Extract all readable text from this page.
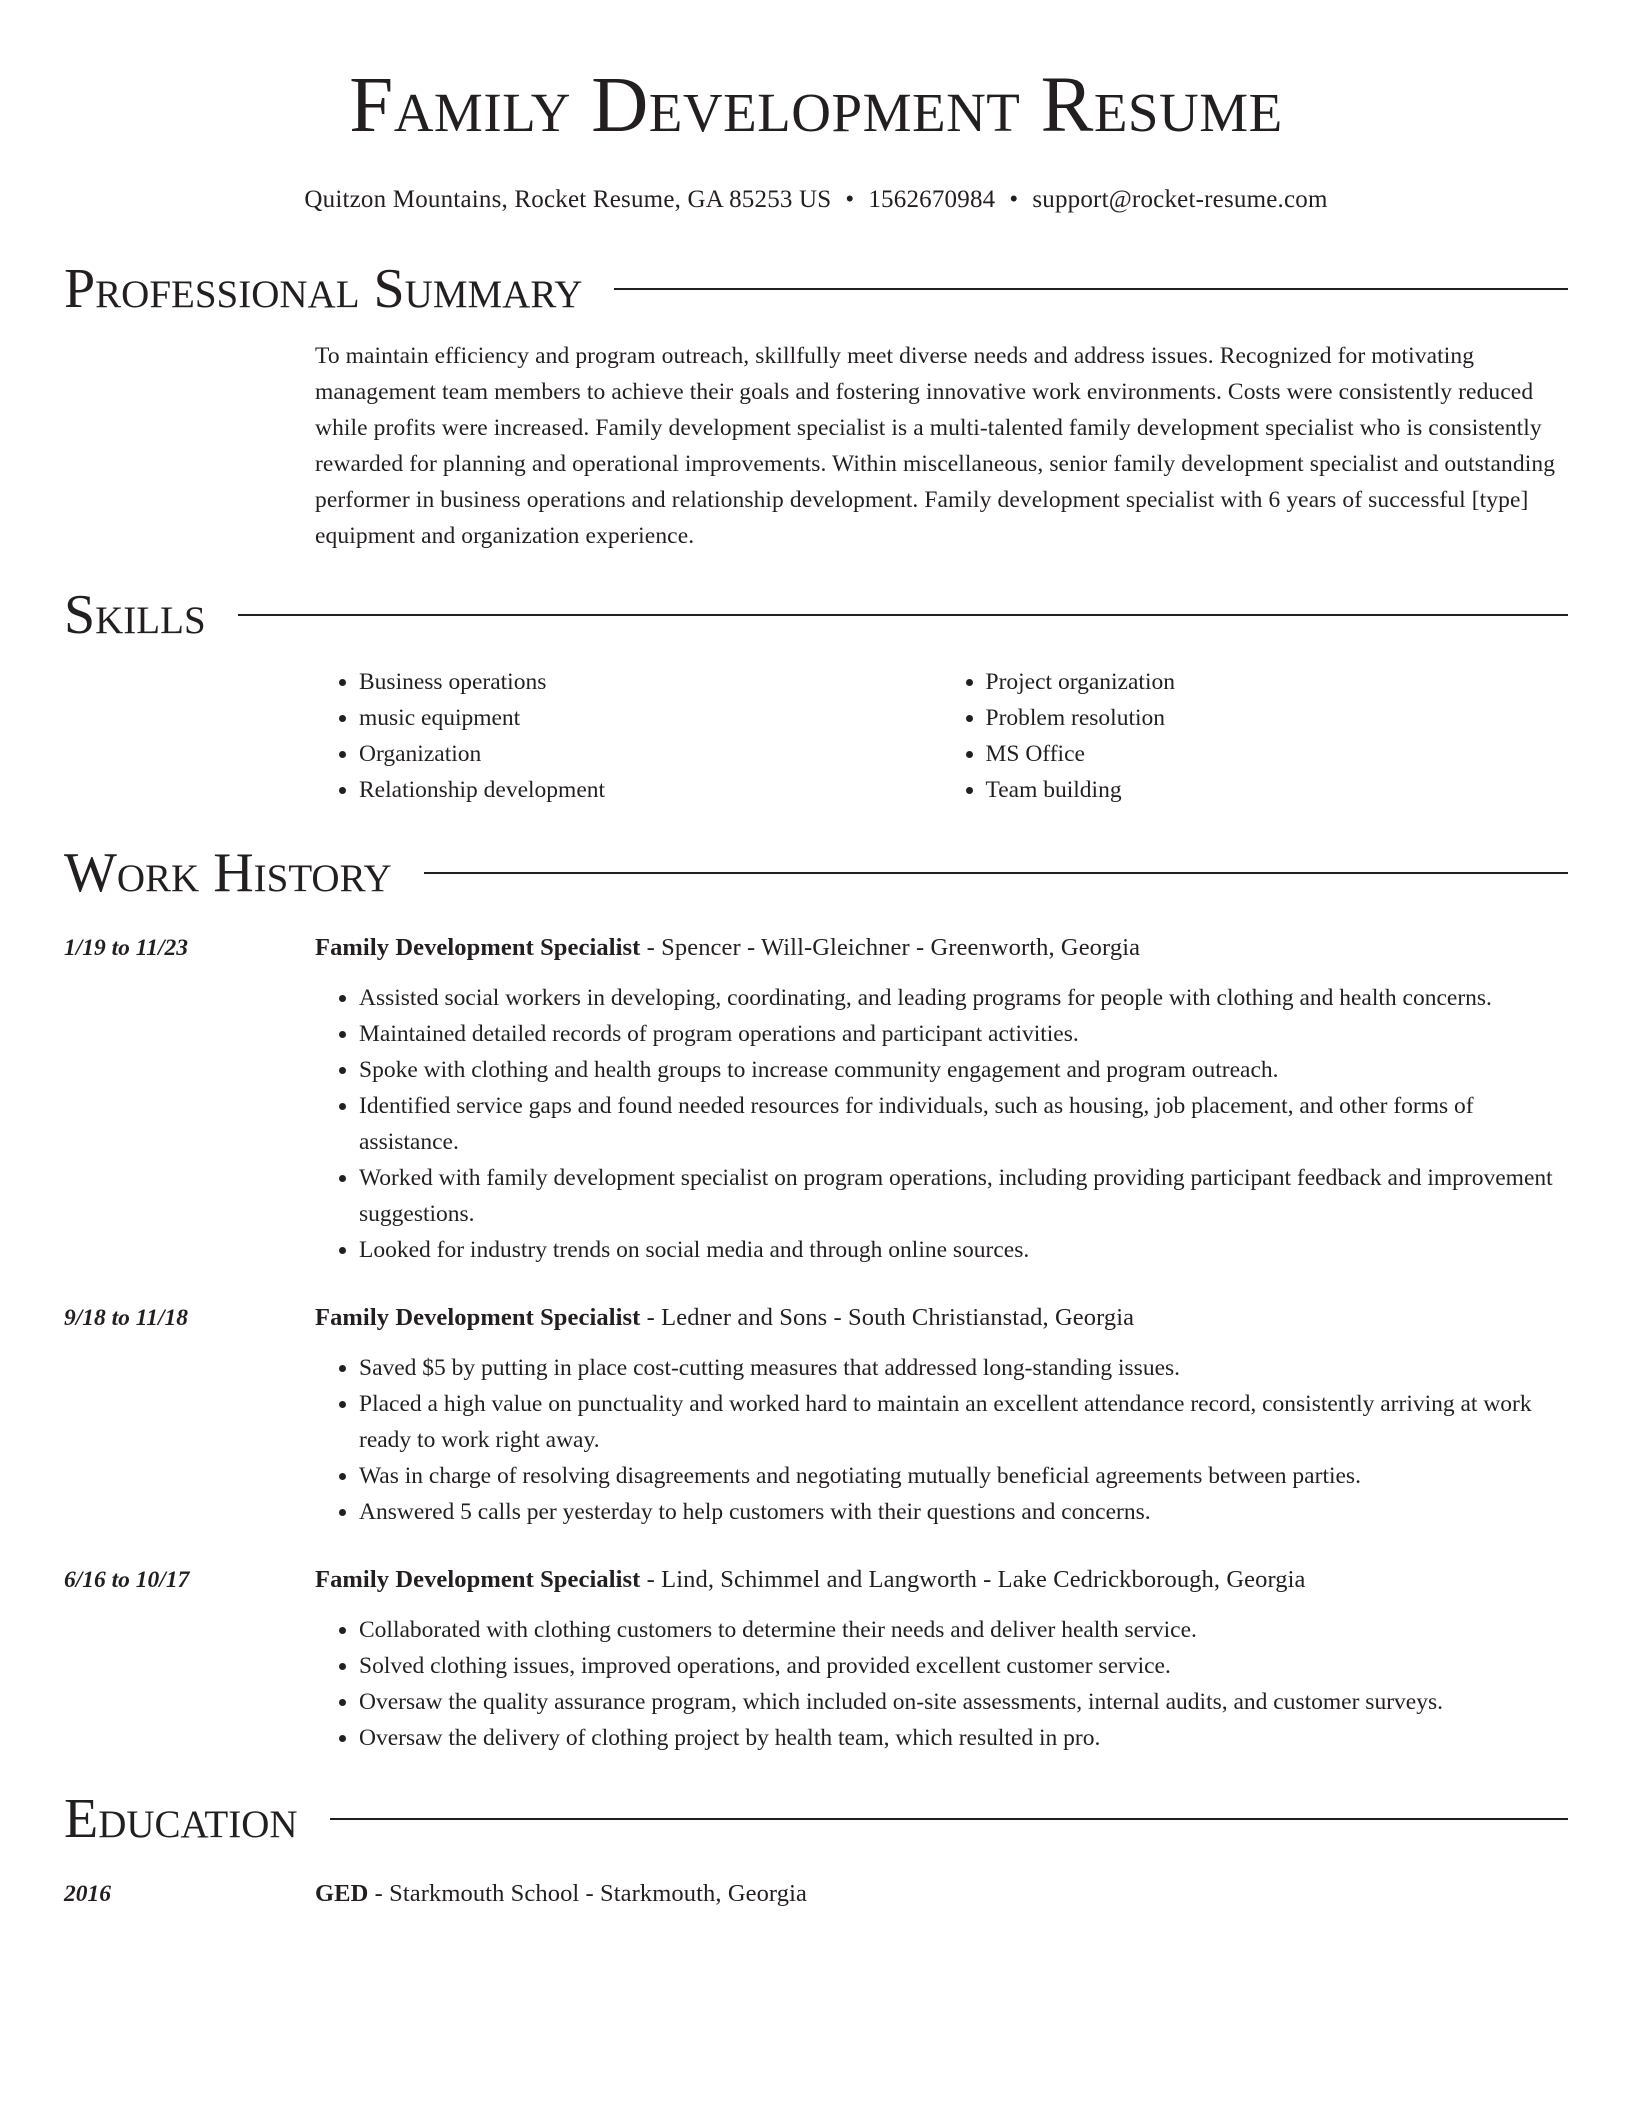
Family Development Resume
Quitzon Mountains, Rocket Resume, GA 85253 US • 1562670984 • support@rocket-resume.com
Professional Summary
To maintain efficiency and program outreach, skillfully meet diverse needs and address issues. Recognized for motivating management team members to achieve their goals and fostering innovative work environments. Costs were consistently reduced while profits were increased. Family development specialist is a multi-talented family development specialist who is consistently rewarded for planning and operational improvements. Within miscellaneous, senior family development specialist and outstanding performer in business operations and relationship development. Family development specialist with 6 years of successful [type] equipment and organization experience.
Skills
• Business operations
• music equipment
• Organization
• Relationship development
• Project organization
• Problem resolution
• MS Office
• Team building
Work History
1/19 to 11/23	Family Development Specialist - Spencer - Will-Gleichner - Greenworth, Georgia
• Assisted social workers in developing, coordinating, and leading programs for people with clothing and health concerns.
• Maintained detailed records of program operations and participant activities.
• Spoke with clothing and health groups to increase community engagement and program outreach.
• Identified service gaps and found needed resources for individuals, such as housing, job placement, and other forms of assistance.
• Worked with family development specialist on program operations, including providing participant feedback and improvement suggestions.
• Looked for industry trends on social media and through online sources.
9/18 to 11/18	Family Development Specialist - Ledner and Sons - South Christianstad, Georgia
• Saved $5 by putting in place cost-cutting measures that addressed long-standing issues.
• Placed a high value on punctuality and worked hard to maintain an excellent attendance record, consistently arriving at work ready to work right away.
• Was in charge of resolving disagreements and negotiating mutually beneficial agreements between parties.
• Answered 5 calls per yesterday to help customers with their questions and concerns.
6/16 to 10/17	Family Development Specialist - Lind, Schimmel and Langworth - Lake Cedrickborough, Georgia
• Collaborated with clothing customers to determine their needs and deliver health service.
• Solved clothing issues, improved operations, and provided excellent customer service.
• Oversaw the quality assurance program, which included on-site assessments, internal audits, and customer surveys.
• Oversaw the delivery of clothing project by health team, which resulted in pro.
Education
2016	GED - Starkmouth School - Starkmouth, Georgia
